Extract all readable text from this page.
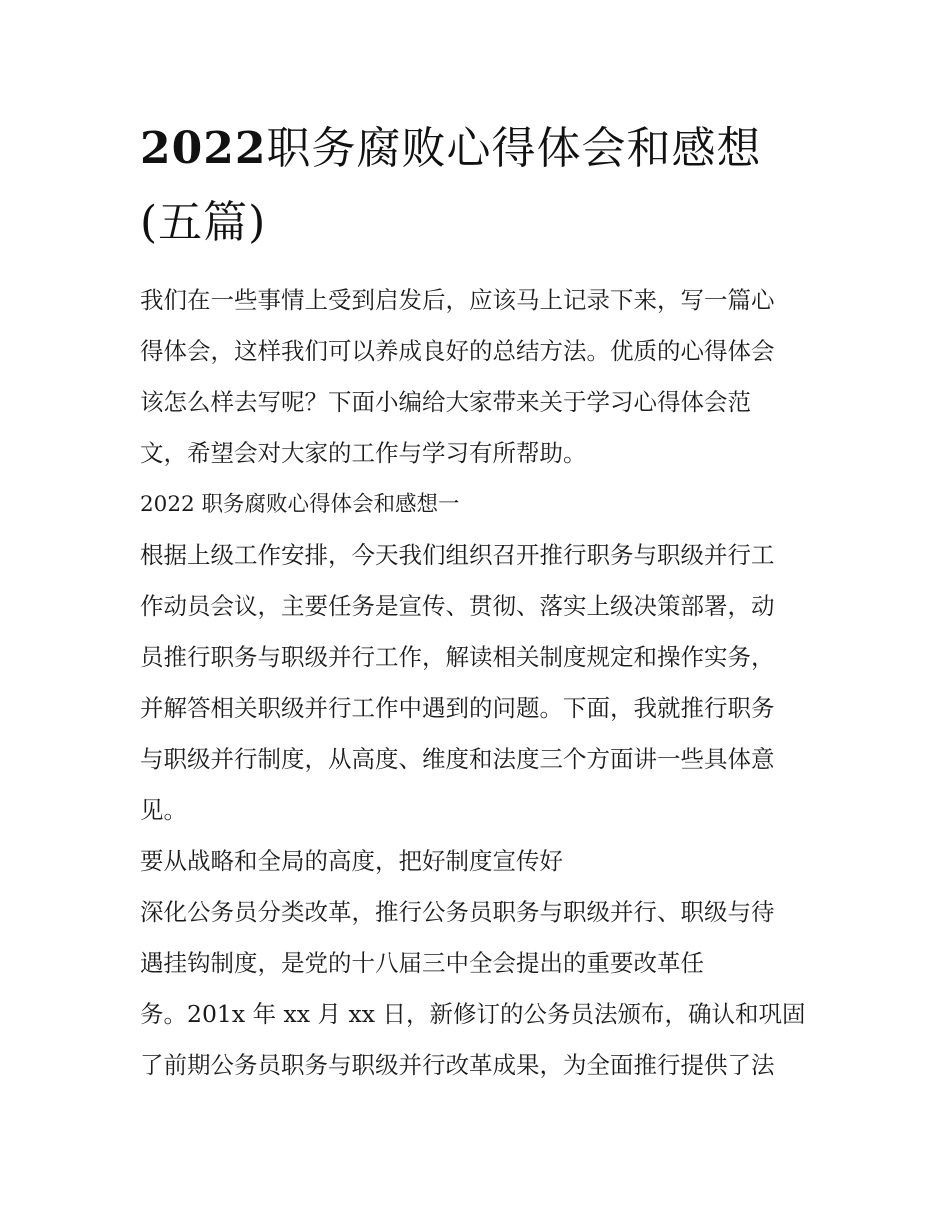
2022职务腐败心得体会和感想
(五篇)
我们在一些事情上受到启发后，应该马上记录下来，写一篇心
得体会，这样我们可以养成良好的总结方法。优质的心得体会
该怎么样去写呢？下面小编给大家带来关于学习心得体会范
文，希望会对大家的工作与学习有所帮助。
2022 职务腐败心得体会和感想一
根据上级工作安排，今天我们组织召开推行职务与职级并行工
作动员会议，主要任务是宣传、贯彻、落实上级决策部署，动
员推行职务与职级并行工作，解读相关制度规定和操作实务，
并解答相关职级并行工作中遇到的问题。下面，我就推行职务
与职级并行制度，从高度、维度和法度三个方面讲一些具体意
见。
要从战略和全局的高度，把好制度宣传好
深化公务员分类改革，推行公务员职务与职级并行、职级与待
遇挂钩制度，是党的十八届三中全会提出的重要改革任
务。201x 年 xx 月 xx 日，新修订的公务员法颁布，确认和巩固
了前期公务员职务与职级并行改革成果，为全面推行提供了法
